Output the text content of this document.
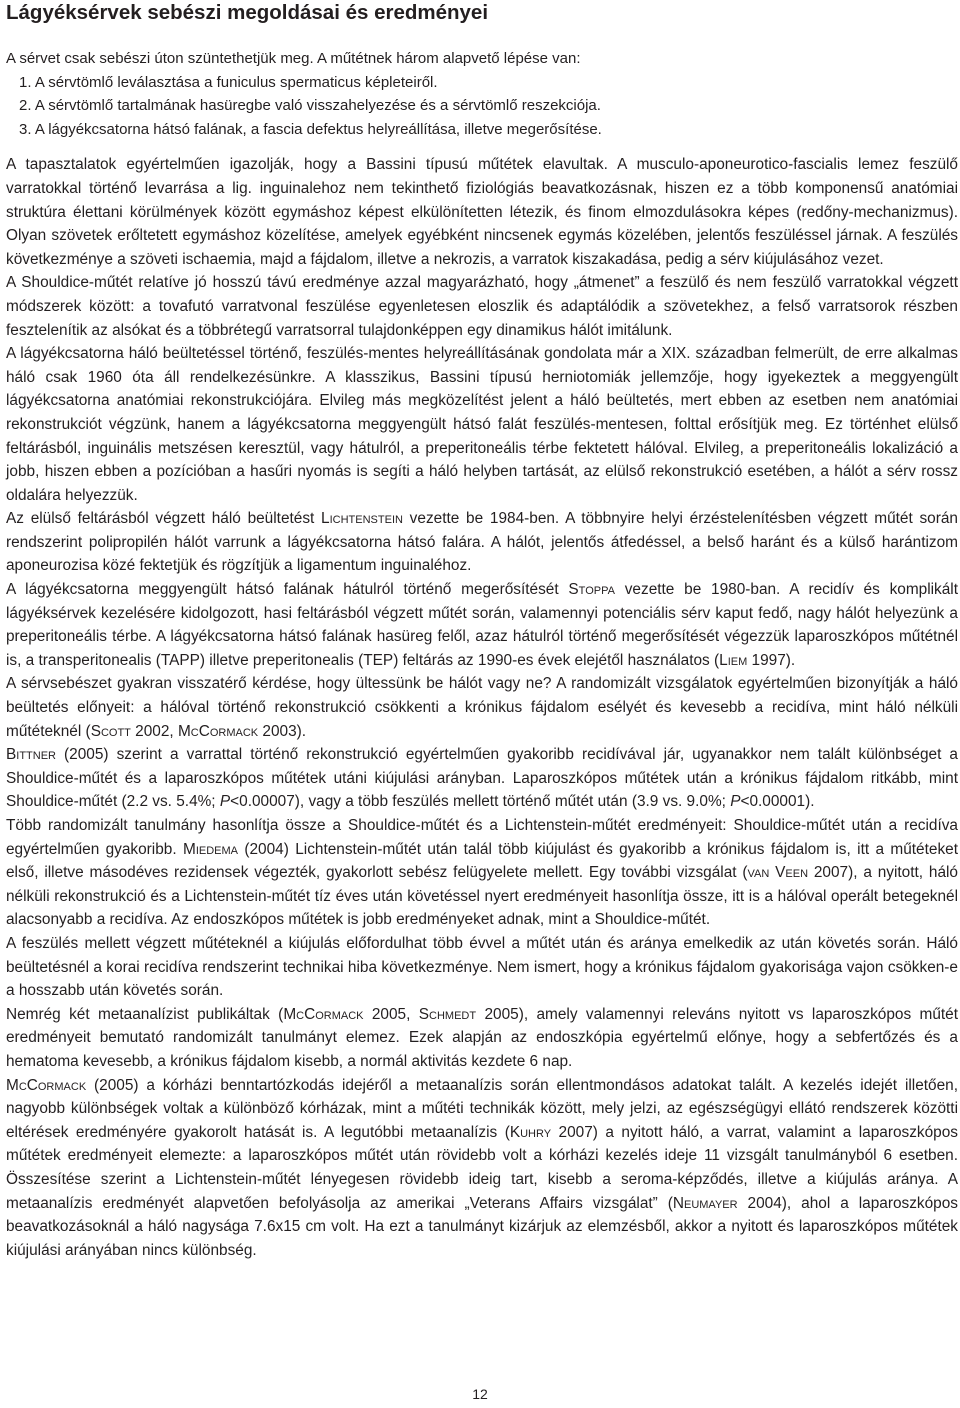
Lágyéksérvek sebészi megoldásai és eredményei
A sérvet csak sebészi úton szüntethetjük meg. A műtétnek három alapvető lépése van:
1. A sérvtömlő leválasztása a funiculus spermaticus képleteiről.
2. A sérvtömlő tartalmának hasüregbe való visszahelyezése és a sérvtömlő reszekciója.
3. A lágyékcsatorna hátsó falának, a fascia defektus helyreállítása, illetve megerősítése.

A tapasztalatok egyértelműen igazolják, hogy a Bassini típusú műtétek elavultak. A musculo-aponeurotico-fascialis lemez feszülő varratokkal történő levarrása a lig. inguinalehoz nem tekinthető fiziológiás beavatkozásnak, hiszen ez a több komponensű anatómiai struktúra élettani körülmények között egymáshoz képest elkülönítetten létezik, és finom elmozdulásokra képes (redőny-mechanizmus). Olyan szövetek erőltetett egymáshoz közelítése, amelyek egyébként nincsenek egymás közelében, jelentős feszüléssel járnak. A feszülés következménye a szöveti ischaemia, majd a fájdalom, illetve a nekrozis, a varratok kiszakadása, pedig a sérv kiújulásához vezet.

A Shouldice-műtét relatíve jó hosszú távú eredménye azzal magyarázható, hogy „átmenet” a feszülő és nem feszülő varratokkal végzett módszerek között: a tovafutó varratvonal feszülése egyenletesen eloszlik és adaptálódik a szövetekhez, a felső varratsorok részben fesztelenítik az alsókat és a többrétegű varratsorral tulajdonképpen egy dinamikus hálót imitálunk.

A lágyékcsatorna háló beültetéssel történő, feszülés-mentes helyreállításának gondolata már a XIX. században felmerült, de erre alkalmas háló csak 1960 óta áll rendelkezésünkre. A klasszikus, Bassini típusú herniotomiák jellemzője, hogy igyekeztek a meggyengült lágyékcsatorna anatómiai rekonstrukciójára. Elvileg más megközelítést jelent a háló beültetés, mert ebben az esetben nem anatómiai rekonstrukciót végzünk, hanem a lágyékcsatorna meggyengült hátsó falát feszülés-mentesen, folttal erősítjük meg. Ez történhet elülső feltárásból, inguinális metszésen keresztül, vagy hátulról, a preperitoneális térbe fektetett hálóval. Elvileg, a preperitoneális lokalizáció a jobb, hiszen ebben a pozícióban a hasűri nyomás is segíti a háló helyben tartását, az elülső rekonstrukció esetében, a hálót a sérv rossz oldalára helyezzük.

Az elülső feltárásból végzett háló beültetést Lichtenstein vezette be 1984-ben. A többnyire helyi érzéstelenítésben végzett műtét során rendszerint polipropilén hálót varrunk a lágyékcsatorna hátsó falára. A hálót, jelentős átfedéssel, a belső haránt és a külső harántizom aponeurozisa közé fektetjük és rögzítjük a ligamentum inguinaléhoz.

A lágyékcsatorna meggyengült hátsó falának hátulról történő megerősítését Stoppa vezette be 1980-ban. A recidív és komplikált lágyéksérvek kezelésére kidolgozott, hasi feltárásból végzett műtét során, valamennyi potenciális sérv kaput fedő, nagy hálót helyezünk a preperitoneális térbe. A lágyékcsatorna hátsó falának hasüreg felől, azaz hátulról történő megerősítését végezzük laparoszkópos műtétnél is, a transperitonealis (TAPP) illetve preperitonealis (TEP) feltárás az 1990-es évek elejétől használatos (Liem 1997).

A sérvsebészet gyakran visszatérő kérdése, hogy ültessünk be hálót vagy ne? A randomizált vizsgálatok egyértelműen bizonyítják a háló beültetés előnyeit: a hálóval történő rekonstrukció csökkenti a krónikus fájdalom esélyét és kevesebb a recidíva, mint háló nélküli műtéteknél (Scott 2002, McCormack 2003).

Bittner (2005) szerint a varrattal történő rekonstrukció egyértelműen gyakoribb recidívával jár, ugyanakkor nem talált különbséget a Shouldice-műtét és a laparoszkópos műtétek utáni kiújulási arányban. Laparoszkópos műtétek után a krónikus fájdalom ritkább, mint Shouldice-műtét (2.2 vs. 5.4%; P<0.00007), vagy a több feszülés mellett történő műtét után (3.9 vs. 9.0%; P<0.00001).

Több randomizált tanulmány hasonlítja össze a Shouldice-műtét és a Lichtenstein-műtét eredményeit: Shouldice-műtét után a recidíva egyértelműen gyakoribb. Miedema (2004) Lichtenstein-műtét után talál több kiújulást és gyakoribb a krónikus fájdalom is, itt a műtéteket első, illetve másodéves rezidensek végezték, gyakorlott sebész felügyelete mellett. Egy további vizsgálat (van Veen 2007), a nyitott, háló nélküli rekonstrukció és a Lichtenstein-műtét tíz éves után követéssel nyert eredményeit hasonlítja össze, itt is a hálóval operált betegeknél alacsonyabb a recidíva. Az endoszkópos műtétek is jobb eredményeket adnak, mint a Shouldice-műtét.

A feszülés mellett végzett műtéteknél a kiújulás előfordulhat több évvel a műtét után és aránya emelkedik az után követés során. Háló beültetésnél a korai recidíva rendszerint technikai hiba következménye. Nem ismert, hogy a krónikus fájdalom gyakorisága vajon csökken-e a hosszabb után követés során.

Nemrég két metaanalízist publikáltak (McCormack 2005, Schmedt 2005), amely valamennyi releváns nyitott vs laparoszkópos műtét eredményeit bemutató randomizált tanulmányt elemez. Ezek alapján az endoszkópia egyértelmű előnye, hogy a sebfertőzés és a hematoma kevesebb, a krónikus fájdalom kisebb, a normál aktivitás kezdete 6 nap.

McCormack (2005) a kórházi benntartózkodás idejéről a metaanalízis során ellentmondásos adatokat talált. A kezelés idejét illetően, nagyobb különbségek voltak a különböző kórházak, mint a műtéti technikák között, mely jelzi, az egészségügyi ellátó rendszerek közötti eltérések eredményére gyakorolt hatását is. A legutóbbi metaanalízis (Kuhry 2007) a nyitott háló, a varrat, valamint a laparoszkópos műtétek eredményeit elemezte: a laparoszkópos műtét után rövidebb volt a kórházi kezelés ideje 11 vizsgált tanulmányból 6 esetben. Összesítése szerint a Lichtenstein-műtét lényegesen rövidebb ideig tart, kisebb a seroma-képződés, illetve a kiújulás aránya. A metaanalízis eredményét alapvetően befolyásolja az amerikai „Veterans Affairs vizsgálat” (Neumayer 2004), ahol a laparoszkópos beavatkozásoknál a háló nagysága 7.6x15 cm volt. Ha ezt a tanulmányt kizárjuk az elemzésből, akkor a nyitott és laparoszkópos műtétek kiújulási arányában nincs különbség.

12
